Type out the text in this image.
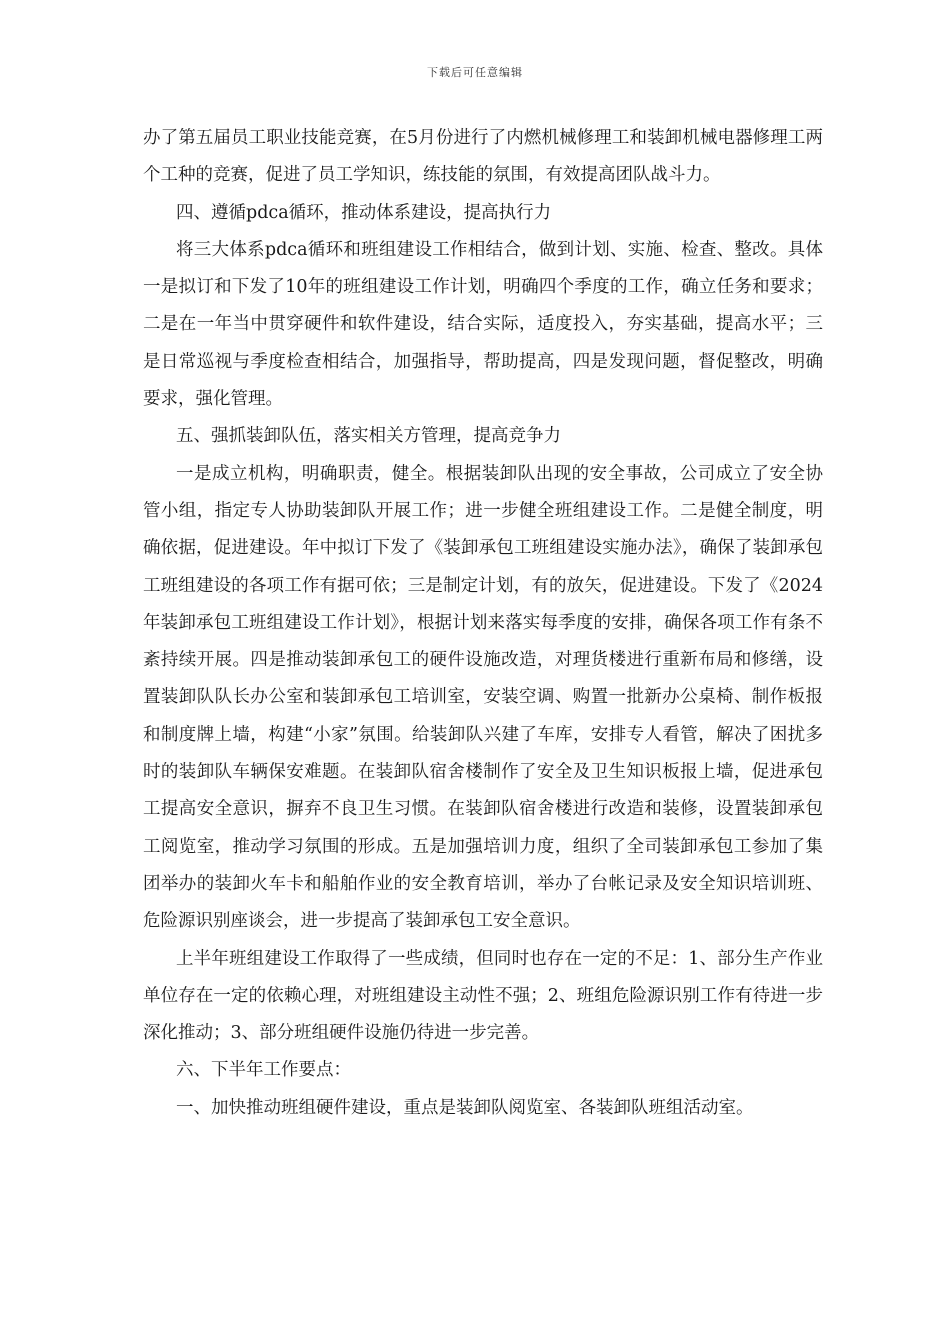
下载后可任意编辑

办了第五届员工职业技能竞赛，在5月份进行了内燃机械修理工和装卸机械电器修理工两个工种的竞赛，促进了员工学知识，练技能的氛围，有效提高团队战斗力。

四、遵循pdca循环，推动体系建设，提高执行力

将三大体系pdca循环和班组建设工作相结合，做到计划、实施、检查、整改。具体一是拟订和下发了10年的班组建设工作计划，明确四个季度的工作，确立任务和要求；二是在一年当中贯穿硬件和软件建设，结合实际，适度投入，夯实基础，提高水平；三是日常巡视与季度检查相结合，加强指导，帮助提高，四是发现问题，督促整改，明确要求，强化管理。

五、强抓装卸队伍，落实相关方管理，提高竞争力

一是成立机构，明确职责，健全。根据装卸队出现的安全事故，公司成立了安全协管小组，指定专人协助装卸队开展工作；进一步健全班组建设工作。二是健全制度，明确依据，促进建设。年中拟订下发了《装卸承包工班组建设实施办法》，确保了装卸承包工班组建设的各项工作有据可依；三是制定计划，有的放矢，促进建设。下发了《2024年装卸承包工班组建设工作计划》，根据计划来落实每季度的安排，确保各项工作有条不紊持续开展。四是推动装卸承包工的硬件设施改造，对理货楼进行重新布局和修缮，设置装卸队队长办公室和装卸承包工培训室，安装空调、购置一批新办公桌椅、制作板报和制度牌上墙，构建“小家”氛围。给装卸队兴建了车库，安排专人看管，解决了困扰多时的装卸队车辆保安难题。在装卸队宿舍楼制作了安全及卫生知识板报上墙，促进承包工提高安全意识，摒弃不良卫生习惯。在装卸队宿舍楼进行改造和装修，设置装卸承包工阅览室，推动学习氛围的形成。五是加强培训力度，组织了全司装卸承包工参加了集团举办的装卸火车卡和船舶作业的安全教育培训，举办了台帐记录及安全知识培训班、危险源识别座谈会，进一步提高了装卸承包工安全意识。

上半年班组建设工作取得了一些成绩，但同时也存在一定的不足：1、部分生产作业单位存在一定的依赖心理，对班组建设主动性不强；2、班组危险源识别工作有待进一步深化推动；3、部分班组硬件设施仍待进一步完善。

六、下半年工作要点：

一、加快推动班组硬件建设，重点是装卸队阅览室、各装卸队班组活动室。
